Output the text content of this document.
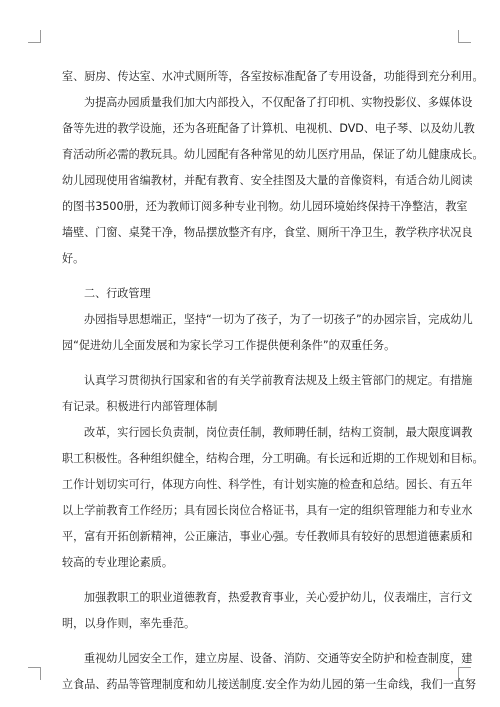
室、厨房、传达室、水冲式厕所等，各室按标准配备了专用设备，功能得到充分利用。
为提高办园质量我们加大内部投入，不仅配备了打印机、实物投影仪、多媒体设
备等先进的教学设施，还为各班配备了计算机、电视机、DVD、电子琴、以及幼儿教
育活动所必需的教玩具。幼儿园配有各种常见的幼儿医疗用品，保证了幼儿健康成长。
幼儿园现使用省编教材，并配有教育、安全挂图及大量的音像资料，有适合幼儿阅读
的图书3500册，还为教师订阅多种专业刊物。幼儿园环境始终保持干净整洁，教室
墙壁、门窗、桌凳干净，物品摆放整齐有序，食堂、厕所干净卫生，教学秩序状况良
好。
二、行政管理
办园指导思想端正，坚持“一切为了孩子，为了一切孩子”的办园宗旨，完成幼儿
园“促进幼儿全面发展和为家长学习工作提供便利条件”的双重任务。
认真学习贯彻执行国家和省的有关学前教育法规及上级主管部门的规定。有措施
有记录。积极进行内部管理体制
改革，实行园长负责制，岗位责任制，教师聘任制，结构工资制，最大限度调教
职工积极性。各种组织健全，结构合理，分工明确。有长远和近期的工作规划和目标。
工作计划切实可行，体现方向性、科学性，有计划实施的检查和总结。园长、有五年
以上学前教育工作经历；具有园长岗位合格证书，具有一定的组织管理能力和专业水
平，富有开拓创新精神，公正廉洁，事业心强。专任教师具有较好的思想道德素质和
较高的专业理论素质。
加强教职工的职业道德教育，热爱教育事业，关心爱护幼儿，仪表端庄，言行文
明，以身作则，率先垂范。
重视幼儿园安全工作，建立房屋、设备、消防、交通等安全防护和检查制度，建
立食品、药品等管理制度和幼儿接送制度.安全作为幼儿园的第一生命线，我们一直努
